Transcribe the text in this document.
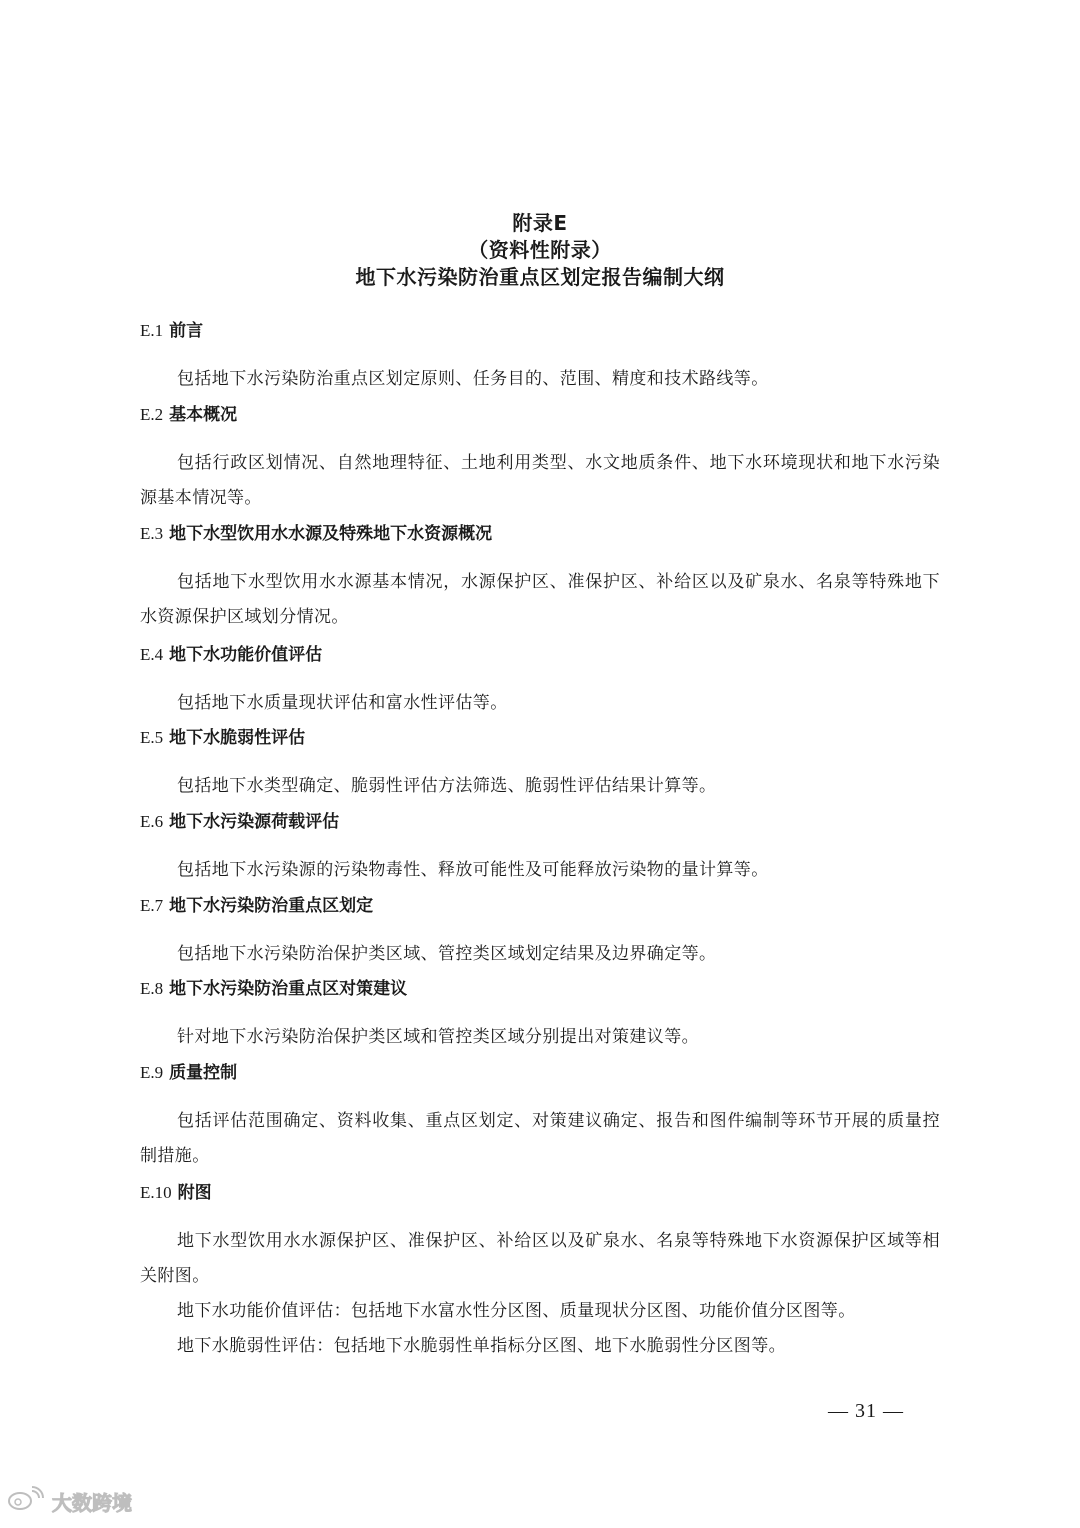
附录E
（资料性附录）
地下水污染防治重点区划定报告编制大纲
E.1 前言
包括地下水污染防治重点区划定原则、任务目的、范围、精度和技术路线等。
E.2 基本概况
包括行政区划情况、自然地理特征、土地利用类型、水文地质条件、地下水环境现状和地下水污染源基本情况等。
E.3 地下水型饮用水水源及特殊地下水资源概况
包括地下水型饮用水水源基本情况，水源保护区、准保护区、补给区以及矿泉水、名泉等特殊地下水资源保护区域划分情况。
E.4 地下水功能价值评估
包括地下水质量现状评估和富水性评估等。
E.5 地下水脆弱性评估
包括地下水类型确定、脆弱性评估方法筛选、脆弱性评估结果计算等。
E.6 地下水污染源荷载评估
包括地下水污染源的污染物毒性、释放可能性及可能释放污染物的量计算等。
E.7 地下水污染防治重点区划定
包括地下水污染防治保护类区域、管控类区域划定结果及边界确定等。
E.8 地下水污染防治重点区对策建议
针对地下水污染防治保护类区域和管控类区域分别提出对策建议等。
E.9 质量控制
包括评估范围确定、资料收集、重点区划定、对策建议确定、报告和图件编制等环节开展的质量控制措施。
E.10 附图
地下水型饮用水水源保护区、准保护区、补给区以及矿泉水、名泉等特殊地下水资源保护区域等相关附图。
地下水功能价值评估：包括地下水富水性分区图、质量现状分区图、功能价值分区图等。
地下水脆弱性评估：包括地下水脆弱性单指标分区图、地下水脆弱性分区图等。
— 31 —
大数跨境
